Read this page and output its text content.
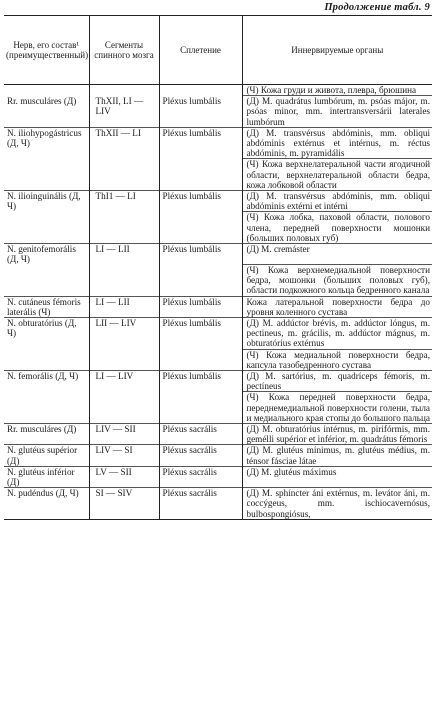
Продолжение табл. 9
Нерв, его состав¹ (преимущественный)	Сегменты спинного мозга	Сплетение	Иннервируемые органы
			(Ч) Кожа груди и живота, плевра, брюшина
Rr. musculáres (Д)	ThXII, LI — LIV	Pléxus lumbális	(Д) M. quadrátus lumbórum, m. psóas májor, m. psóas minor, mm. intertransversárii laterales lumbórum
N. iliohypogástricus (Д, Ч)	ThXII — LI	Pléxus lumbális	(Д) M. transvérsus abdóminis, mm. obliqui abdóminis extérnus et intérnus, m. réctus abdóminis, m. pyramidális
			(Ч) Кожа верхнелатеральной части ягодичной области, верхнелатеральной области бедра, кожа лобковой области
N. ilioinguinális (Д, Ч)	ThI1 — LI	Pléxus lumbális	(Д) M. transvérsus abdóminis, mm. obliqui abdóminis extérni et intérni
			(Ч) Кожа лобка, паховой области, полового члена, передней поверхности мошонки (больших половых губ)
N. genitofemorális (Д, Ч)	LI — LII	Pléxus lumbális	(Д) M. cremáster
			(Ч) Кожа верхнемедиальной поверхности бедра, мошонки (больших половых губ), области подкожного кольца бедренного канала
N. cutáneus fémoris laterális (Ч)	LI — LII	Pléxus lumbális	Кожа латеральной поверхности бедра до уровня коленного сустава
N. obturatórius (Д, Ч)	LII — LIV	Pléxus lumbális	(Д) M. addúctor brévis, m. addúctor lóngus, m. pectineus, m. grácilis, m. addúctor mágnus, m. obturatórius extérnus
			(Ч) Кожа медиальной поверхности бедра, капсула тазобедренного сустава
N. femorális (Д, Ч)	LI — LIV	Pléxus lumbális	(Д) M. sartórius, m. quadríceps fémoris, m. pectíneus
			(Ч) Кожа передней поверхности бедра, переднемедиальной поверхности голени, тыла и медиального края стопы до большого пальца
Rr. musculáres (Д)	LIV — SII	Pléxus sacrális	(Д) M. obturatórius intérnus, m. pirifórmis, mm. gemélli supérior et inférior, m. quadrátus fémoris
N. glutéus supérior (Д)	LIV — SI	Pléxus sacrális	(Д) M. glutéus mínimus, m. glutéus médius, m. ténsor fásciae látae
N. glutéus inférior (Д)	LV — SII	Pléxus sacrális	(Д) M. glutéus máximus
N. pudéndus (Д, Ч)	SI — SIV	Pléxus sacrális	(Д) M. sphíncter áni extérnus, m. levátor áni, m. coccýgeus, mm. ischiocavernósus, bulbospongiósus,
